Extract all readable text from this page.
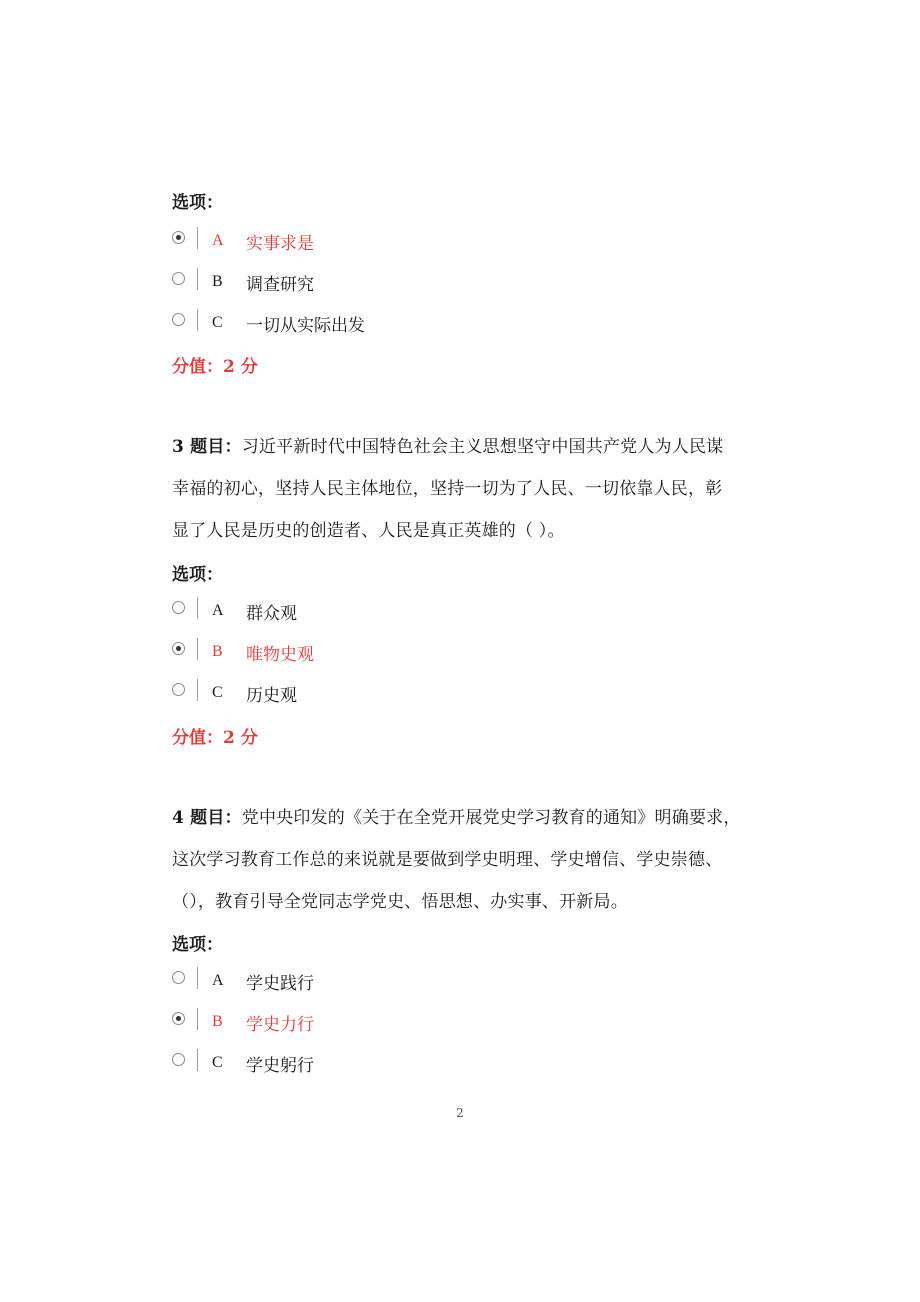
选项：
A	实事求是
B	调查研究
C	一切从实际出发
分值：2 分
3 题目：习近平新时代中国特色社会主义思想坚守中国共产党人为人民谋
幸福的初心，坚持人民主体地位，坚持一切为了人民、一切依靠人民，彰
显了人民是历史的创造者、人民是真正英雄的（ ）。
选项：
A	群众观
B	唯物史观
C	历史观
分值：2 分
4 题目：党中央印发的《关于在全党开展党史学习教育的通知》明确要求，
这次学习教育工作总的来说就是要做到学史明理、学史增信、学史崇德、
（），教育引导全党同志学党史、悟思想、办实事、开新局。
选项：
A	学史践行
B	学史力行
C	学史躬行
2
